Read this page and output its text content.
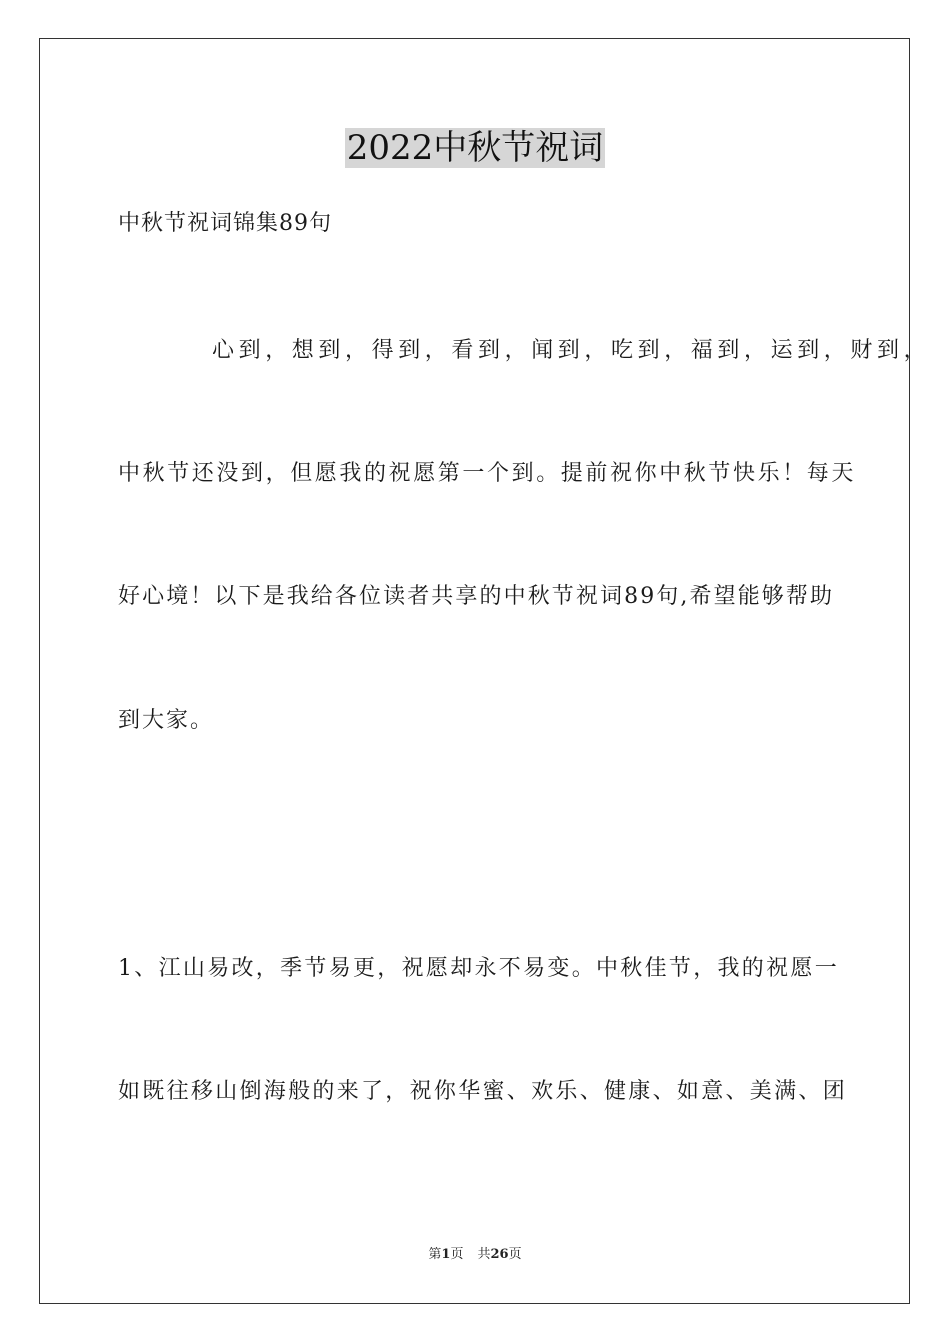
2022中秋节祝词
中秋节祝词锦集89句
心到，想到，得到，看到，闻到，吃到，福到，运到，财到，
中秋节还没到，但愿我的祝愿第一个到。提前祝你中秋节快乐！每天
好心境！以下是我给各位读者共享的中秋节祝词89句,希望能够帮助
到大家。
1、江山易改，季节易更，祝愿却永不易变。中秋佳节，我的祝愿一
如既往移山倒海般的来了，祝你华蜜、欢乐、健康、如意、美满、团
第1页 共26页
